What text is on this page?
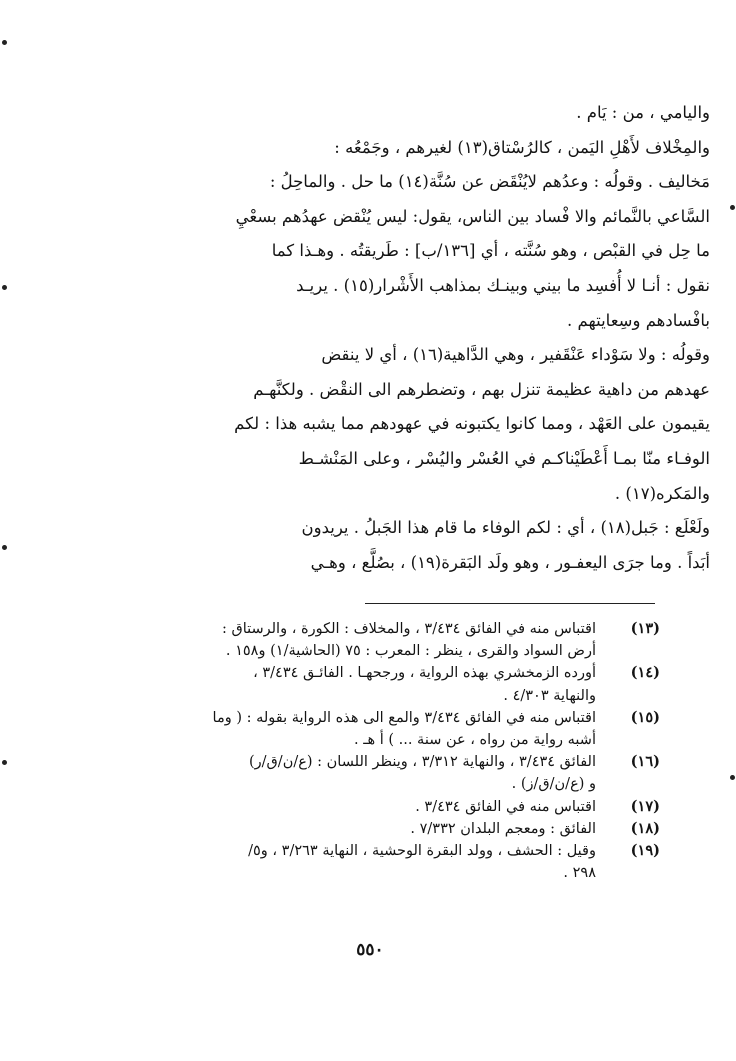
واليامي ، من : يَام .
والمِخْلاف لأَهْلِ اليَمن ، كالرُسْتاق(١٣) لغيرهم ، وجَمْعُه :
مَخاليف . وقولُه : وعدُهم لايُنْقَض عن سُنَّة(١٤) ما حل . والماحِلُ :
السَّاعي بالنَّمائم والا فْساد بين الناس، يقول: ليس يُنْقض عهدُهم بسعْيِ
ما حِل في القبْص ، وهو سُنَّته ، أي [١٣٦/ب] : طَريقتُه . وهـذا كما
نقول : أنـا لا أُفسِد ما بيني وبينـك بمذاهب الأَشْرار(١٥) . يريـد
بافْسادهم وسِعايتهم .
وقولُه : ولا سَوْداء عَنْقَفير ، وهي الدَّاهية(١٦) ، أي لا ينقض
عهدهم من داهية عظيمة تنزل بهم ، وتضطرهم الى النقْض . ولكنَّهـم
يقيمون على العَهْد ، ومما كانوا يكتبونه في عهودهم مما يشبه هذا : لكم
الوفـاء منّا بمـا أَعْطَيْناكـم في العُسْر واليُسْر ، وعلى المَنْشـط
والمَكره(١٧) .
ولَعْلَع : جَبل(١٨) ، أي : لكم الوفاء ما قام هذا الجَبلُ . يريدون
أبَداً . وما جرَى اليعفـور ، وهو ولَد البَقرة(١٩) ، بصُلَّع ، وهـي
(١٣)
اقتباس منه في الفائق ٣/٤٣٤ ، والمخلاف : الكورة ، والرستاق :
أرض السواد والقرى ، ينظر : المعرب : ٧٥ (الحاشية/١) و١٥٨ .
(١٤)
أورده الزمخشري بهذه الرواية ، ورجحهـا . الفائـق ٣/٤٣٤ ،
والنهاية ٤/٣٠٣ .
(١٥)
اقتباس منه في الفائق ٣/٤٣٤ والمع الى هذه الرواية بقوله : ( وما
أشبه رواية من رواه ، عن سنة ... ) أ هـ .
(١٦)
الفائق ٣/٤٣٤ ، والنهاية ٣/٣١٢ ، وينظر اللسان : (ع/ن/ق/ر)
و (ع/ن/ق/ز) .
(١٧)
اقتباس منه في الفائق ٣/٤٣٤ .
(١٨)
الفائق : ومعجم البلدان ٧/٣٣٢ .
(١٩)
وقيل : الحشف ، وولد البقرة الوحشية ، النهاية ٣/٢٦٣ ، و٥/
٢٩٨ .
٥٥٠
